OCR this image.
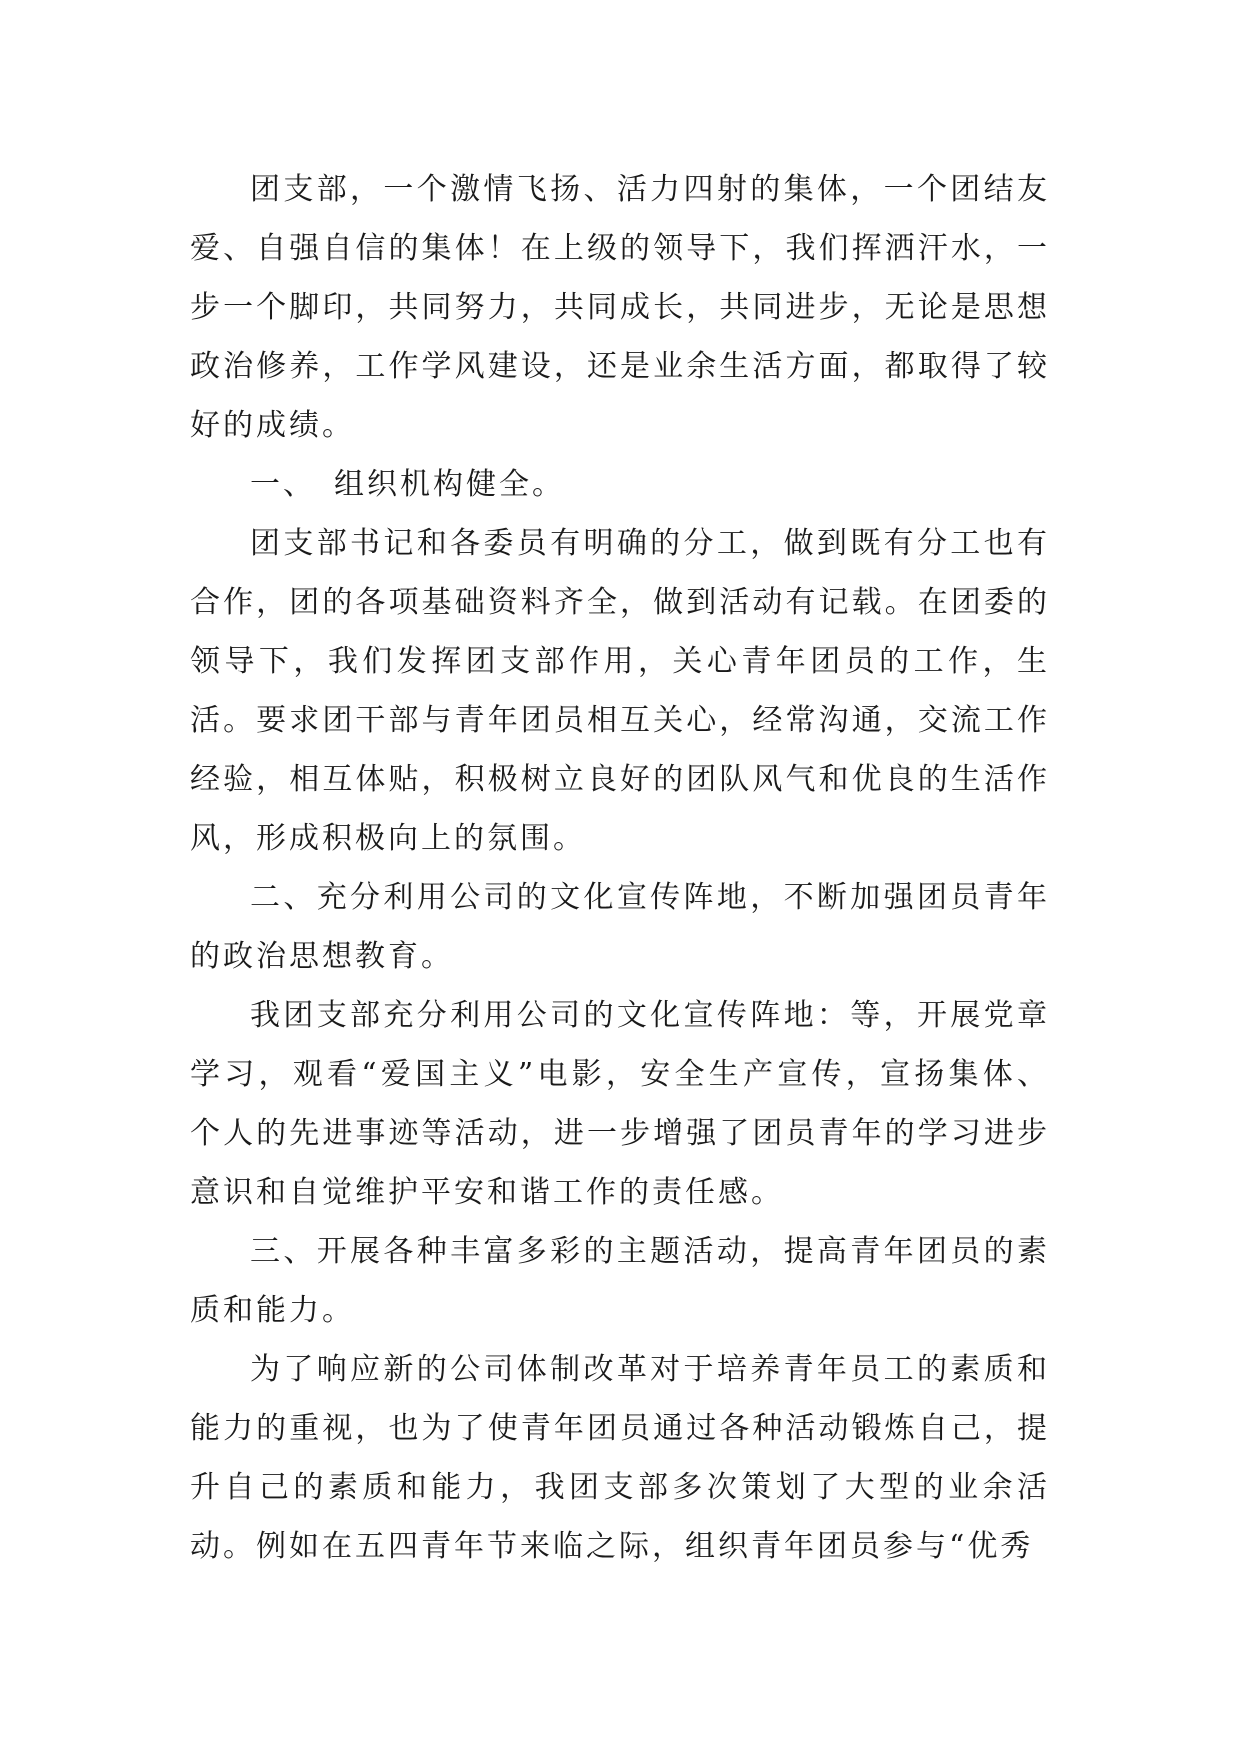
团支部，一个激情飞扬、活力四射的集体，一个团结友爱、自强自信的集体！在上级的领导下，我们挥洒汗水，一步一个脚印，共同努力，共同成长，共同进步，无论是思想政治修养，工作学风建设，还是业余生活方面，都取得了较好的成绩。

一、　组织机构健全。

团支部书记和各委员有明确的分工，做到既有分工也有合作，团的各项基础资料齐全，做到活动有记载。在团委的领导下，我们发挥团支部作用，关心青年团员的工作，生活。要求团干部与青年团员相互关心，经常沟通，交流工作经验，相互体贴，积极树立良好的团队风气和优良的生活作风，形成积极向上的氛围。

二、充分利用公司的文化宣传阵地，不断加强团员青年的政治思想教育。

我团支部充分利用公司的文化宣传阵地：等，开展党章学习，观看“爱国主义”电影，安全生产宣传，宣扬集体、个人的先进事迹等活动，进一步增强了团员青年的学习进步意识和自觉维护平安和谐工作的责任感。

三、开展各种丰富多彩的主题活动，提高青年团员的素质和能力。

为了响应新的公司体制改革对于培养青年员工的素质和能力的重视，也为了使青年团员通过各种活动锻炼自己，提升自己的素质和能力，我团支部多次策划了大型的业余活动。例如在五四青年节来临之际，组织青年团员参与“优秀
